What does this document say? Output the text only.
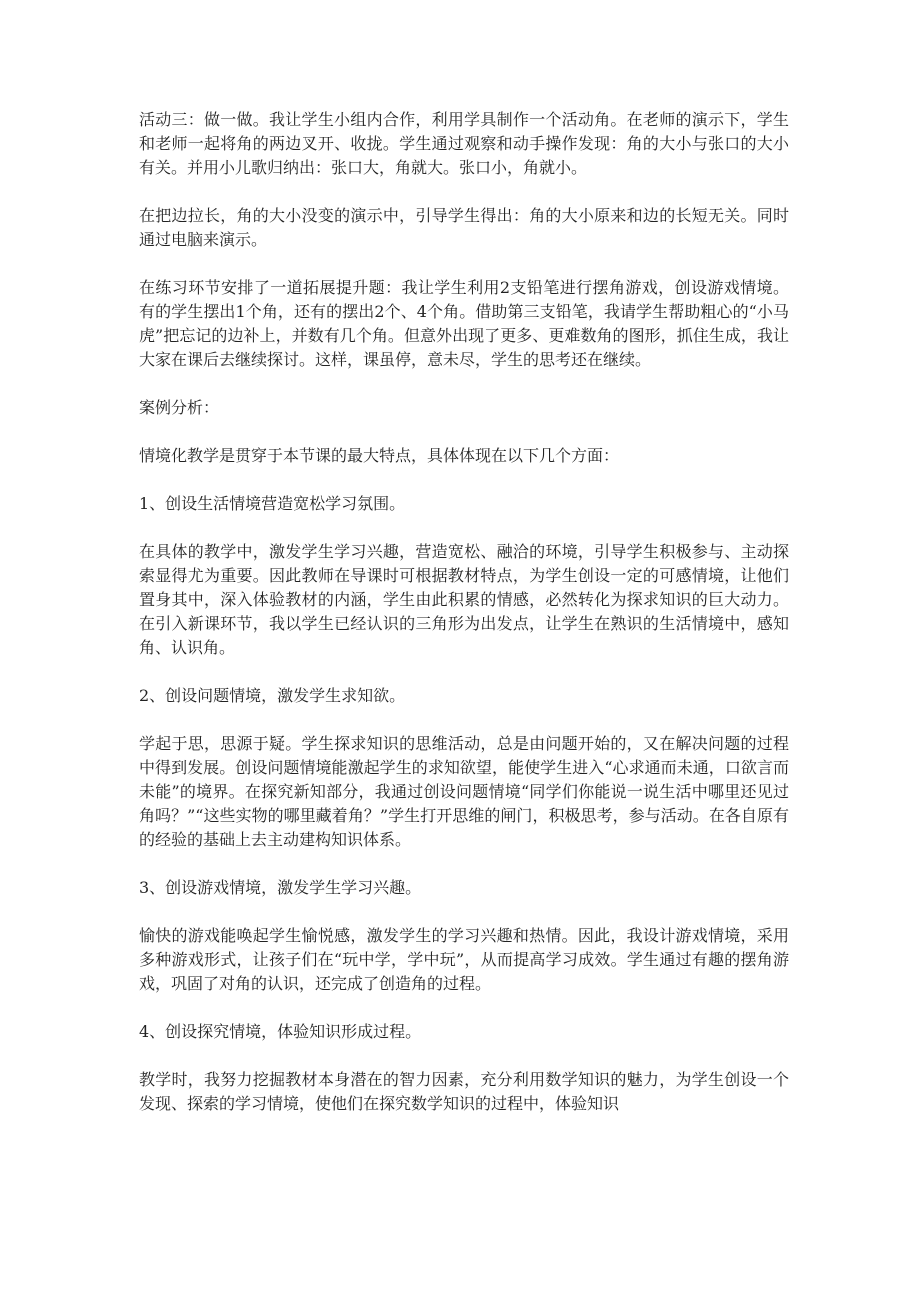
活动三：做一做。我让学生小组内合作，利用学具制作一个活动角。在老师的演示下，学生和老师一起将角的两边叉开、收拢。学生通过观察和动手操作发现：角的大小与张口的大小有关。并用小儿歌归纳出：张口大，角就大。张口小，角就小。

在把边拉长，角的大小没变的演示中，引导学生得出：角的大小原来和边的长短无关。同时通过电脑来演示。

在练习环节安排了一道拓展提升题：我让学生利用2支铅笔进行摆角游戏，创设游戏情境。有的学生摆出1个角，还有的摆出2个、4个角。借助第三支铅笔，我请学生帮助粗心的“小马虎”把忘记的边补上，并数有几个角。但意外出现了更多、更难数角的图形，抓住生成，我让大家在课后去继续探讨。这样，课虽停，意未尽，学生的思考还在继续。

案例分析：

情境化教学是贯穿于本节课的最大特点，具体体现在以下几个方面：

1、创设生活情境营造宽松学习氛围。

在具体的教学中，激发学生学习兴趣，营造宽松、融洽的环境，引导学生积极参与、主动探索显得尤为重要。因此教师在导课时可根据教材特点，为学生创设一定的可感情境，让他们置身其中，深入体验教材的内涵，学生由此积累的情感，必然转化为探求知识的巨大动力。在引入新课环节，我以学生已经认识的三角形为出发点，让学生在熟识的生活情境中，感知角、认识角。

2、创设问题情境，激发学生求知欲。

学起于思，思源于疑。学生探求知识的思维活动，总是由问题开始的，又在解决问题的过程中得到发展。创设问题情境能激起学生的求知欲望，能使学生进入“心求通而未通，口欲言而未能”的境界。在探究新知部分，我通过创设问题情境“同学们你能说一说生活中哪里还见过角吗？”“这些实物的哪里藏着角？”学生打开思维的闸门，积极思考，参与活动。在各自原有的经验的基础上去主动建构知识体系。

3、创设游戏情境，激发学生学习兴趣。

愉快的游戏能唤起学生愉悦感，激发学生的学习兴趣和热情。因此，我设计游戏情境，采用多种游戏形式，让孩子们在“玩中学，学中玩”，从而提高学习成效。学生通过有趣的摆角游戏，巩固了对角的认识，还完成了创造角的过程。

4、创设探究情境，体验知识形成过程。

教学时，我努力挖掘教材本身潜在的智力因素，充分利用数学知识的魅力，为学生创设一个发现、探索的学习情境，使他们在探究数学知识的过程中，体验知识
